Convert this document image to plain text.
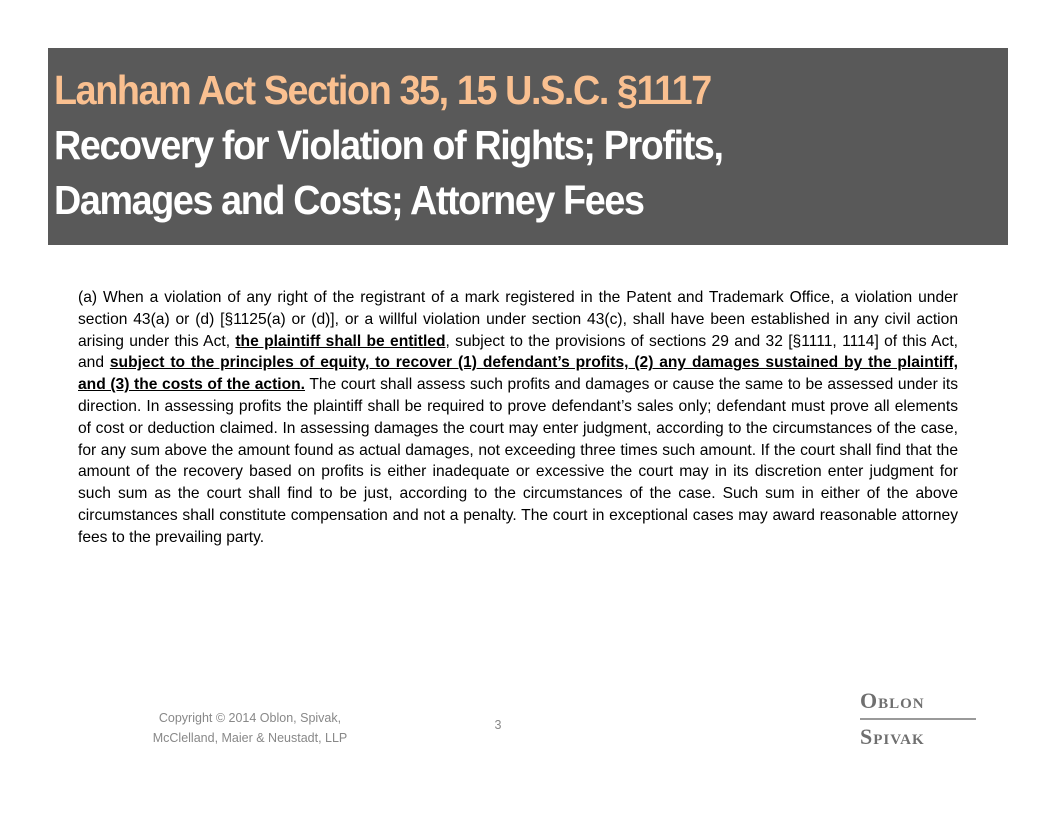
Lanham Act Section 35, 15 U.S.C. §1117
Recovery for Violation of Rights; Profits,
Damages and Costs; Attorney Fees
(a) When a violation of any right of the registrant of a mark registered in the Patent and Trademark Office, a violation under section 43(a) or (d) [§1125(a) or (d)], or a willful violation under section 43(c), shall have been established in any civil action arising under this Act, the plaintiff shall be entitled, subject to the provisions of sections 29 and 32 [§1111, 1114] of this Act, and subject to the principles of equity, to recover (1) defendant’s profits, (2) any damages sustained by the plaintiff, and (3) the costs of the action. The court shall assess such profits and damages or cause the same to be assessed under its direction. In assessing profits the plaintiff shall be required to prove defendant’s sales only; defendant must prove all elements of cost or deduction claimed. In assessing damages the court may enter judgment, according to the circumstances of the case, for any sum above the amount found as actual damages, not exceeding three times such amount. If the court shall find that the amount of the recovery based on profits is either inadequate or excessive the court may in its discretion enter judgment for such sum as the court shall find to be just, according to the circumstances of the case. Such sum in either of the above circumstances shall constitute compensation and not a penalty. The court in exceptional cases may award reasonable attorney fees to the prevailing party.
Copyright © 2014 Oblon, Spivak,
McClelland, Maier & Neustadt, LLP
3
Oblon
Spivak
